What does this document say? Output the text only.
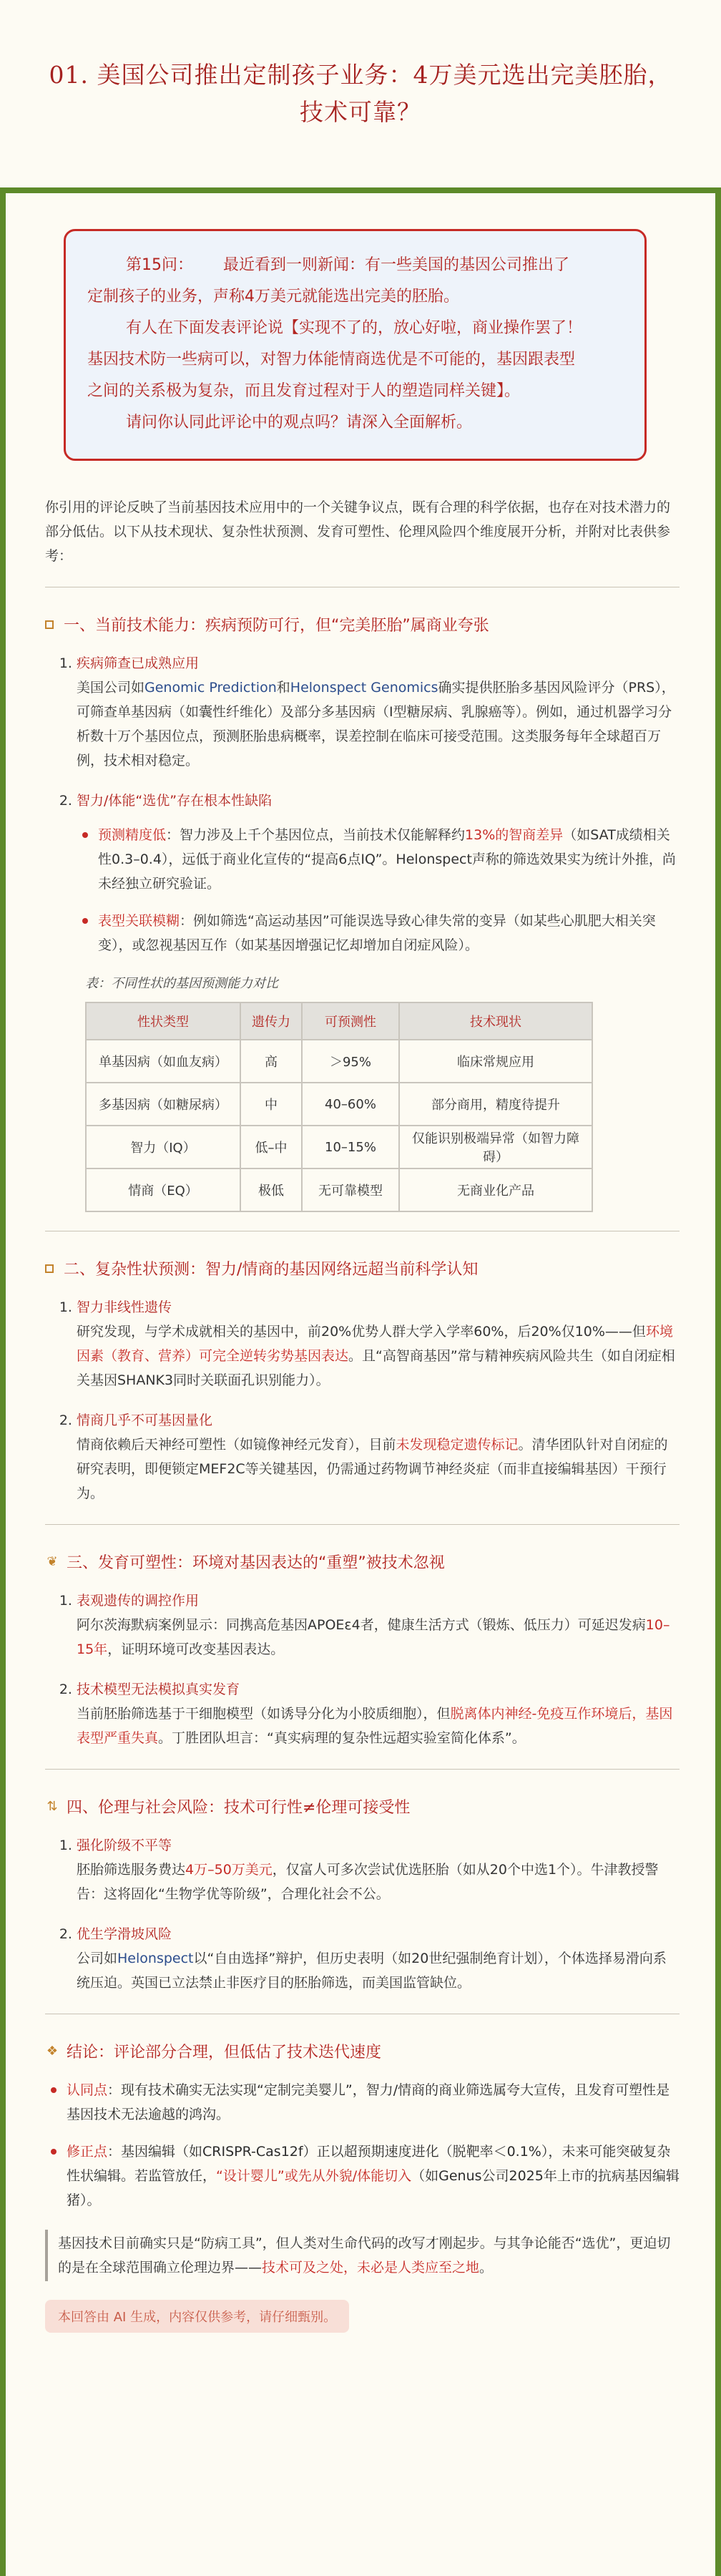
01. 美国公司推出定制孩子业务：4万美元选出完美胚胎，
技术可靠？

第15问： 最近看到一则新闻：有一些美国的基因公司推出了

定制孩子的业务，声称4万美元就能选出完美的胚胎。

有人在下面发表评论说【实现不了的，放心好啦，商业操作罢了！

基因技术防一些病可以，对智力体能情商选优是不可能的，基因跟表型

之间的关系极为复杂，而且发育过程对于人的塑造同样关键】。

请问你认同此评论中的观点吗？请深入全面解析。

你引用的评论反映了当前基因技术应用中的一个关键争议点，既有合理的科学依据，也存在对技术潜力的部分低估。以下从技术现状、复杂性状预测、发育可塑性、伦理风险四个维度展开分析，并附对比表供参考：

一、当前技术能力：疾病预防可行，但“完美胚胎”属商业夸张
1. 疾病筛查已成熟应用
美国公司如Genomic Prediction和Helonspect Genomics确实提供胚胎多基因风险评分（PRS），可筛查单基因病（如囊性纤维化）及部分多基因病（I型糖尿病、乳腺癌等）。例如，通过机器学习分析数十万个基因位点，预测胚胎患病概率，误差控制在临床可接受范围。这类服务每年全球超百万例，技术相对稳定。
2. 智力/体能“选优”存在根本性缺陷
预测精度低：智力涉及上千个基因位点，当前技术仅能解释约13%的智商差异（如SAT成绩相关性0.3–0.4），远低于商业化宣传的“提高6点IQ”。Helonspect声称的筛选效果实为统计外推，尚未经独立研究验证。
表型关联模糊：例如筛选“高运动基因”可能误选导致心律失常的变异（如某些心肌肥大相关突变），或忽视基因互作（如某基因增强记忆却增加自闭症风险）。
表：不同性状的基因预测能力对比
性状类型	遗传力	可预测性	技术现状
单基因病（如血友病）	高	＞95%	临床常规应用
多基因病（如糖尿病）	中	40–60%	部分商用，精度待提升
智力（IQ）	低–中	10–15%	仅能识别极端异常（如智力障碍）
情商（EQ）	极低	无可靠模型	无商业化产品
二、复杂性状预测：智力/情商的基因网络远超当前科学认知
1. 智力非线性遗传
研究发现，与学术成就相关的基因中，前20%优势人群大学入学率60%，后20%仅10%——但环境因素（教育、营养）可完全逆转劣势基因表达。且“高智商基因”常与精神疾病风险共生（如自闭症相关基因SHANK3同时关联面孔识别能力）。
2. 情商几乎不可基因量化
情商依赖后天神经可塑性（如镜像神经元发育），目前未发现稳定遗传标记。清华团队针对自闭症的研究表明，即便锁定MEF2C等关键基因，仍需通过药物调节神经炎症（而非直接编辑基因）干预行为。
❦ 三、发育可塑性：环境对基因表达的“重塑”被技术忽视
1. 表观遗传的调控作用
阿尔茨海默病案例显示：同携高危基因APOEε4者，健康生活方式（锻炼、低压力）可延迟发病10–15年，证明环境可改变基因表达。
2. 技术模型无法模拟真实发育
当前胚胎筛选基于干细胞模型（如诱导分化为小胶质细胞），但脱离体内神经-免疫互作环境后，基因表型严重失真。丁胜团队坦言：“真实病理的复杂性远超实验室简化体系”。
⇅ 四、伦理与社会风险：技术可行性≠伦理可接受性
1. 强化阶级不平等
胚胎筛选服务费达4万–50万美元，仅富人可多次尝试优选胚胎（如从20个中选1个）。牛津教授警告：这将固化“生物学优等阶级”，合理化社会不公。
2. 优生学滑坡风险
公司如Helonspect以“自由选择”辩护，但历史表明（如20世纪强制绝育计划），个体选择易滑向系统压迫。英国已立法禁止非医疗目的胚胎筛选，而美国监管缺位。
❖ 结论：评论部分合理，但低估了技术迭代速度
认同点：现有技术确实无法实现“定制完美婴儿”，智力/情商的商业筛选属夸大宣传，且发育可塑性是基因技术无法逾越的鸿沟。
修正点：基因编辑（如CRISPR-Cas12f）正以超预期速度进化（脱靶率＜0.1%），未来可能突破复杂性状编辑。若监管放任，“设计婴儿”或先从外貌/体能切入（如Genus公司2025年上市的抗病基因编辑猪）。
基因技术目前确实只是“防病工具”，但人类对生命代码的改写才刚起步。与其争论能否“选优”，更迫切的是在全球范围确立伦理边界——技术可及之处，未必是人类应至之地。
本回答由 AI 生成，内容仅供参考，请仔细甄别。
